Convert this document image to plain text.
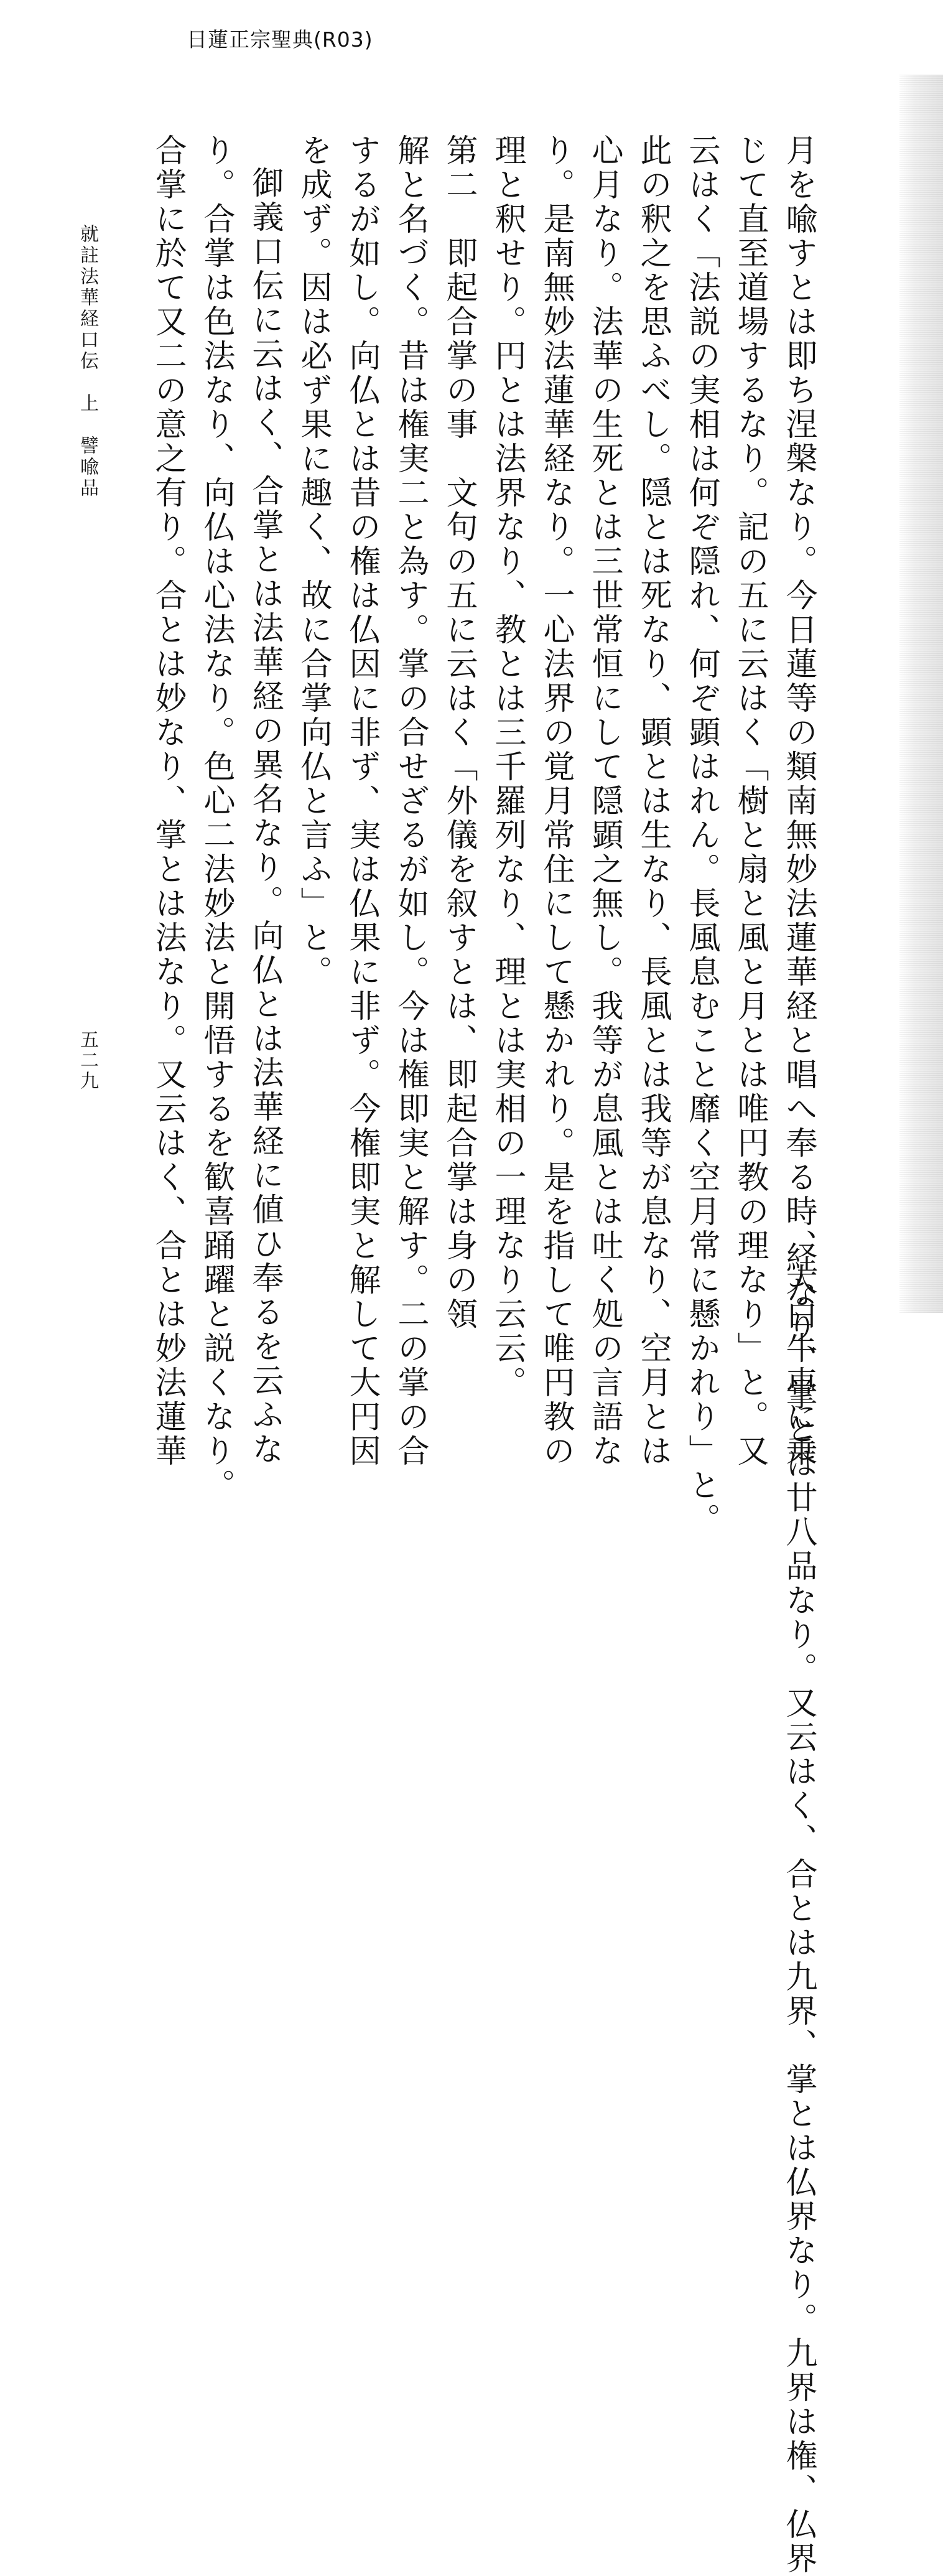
日蓮正宗聖典(R03)
月を喩すとは即ち涅槃なり。今日蓮等の類南無妙法蓮華経と唱へ奉る時、大白牛車に乗
じて直至道場するなり。記の五に云はく「樹と扇と風と月とは唯円教の理なり」と。又
云はく「法説の実相は何ぞ隠れ、何ぞ顕はれん。長風息むこと靡く空月常に懸かれり」と。
此の釈之を思ふべし。隠とは死なり、顕とは生なり、長風とは我等が息なり、空月とは
心月なり。法華の生死とは三世常恒にして隠顕之無し。我等が息風とは吐く処の言語な
り。是南無妙法蓮華経なり。一心法界の覚月常住にして懸かれり。是を指して唯円教の
理と釈せり。円とは法界なり、教とは三千羅列なり、理とは実相の一理なり云云。
第二　即起合掌の事　文句の五に云はく「外儀を叙すとは、即起合掌は身の領
解と名づく。昔は権実二と為す。掌の合せざるが如し。今は権即実と解す。二の掌の合
するが如し。向仏とは昔の権は仏因に非ず、実は仏果に非ず。今権即実と解して大円因
を成ず。因は必ず果に趣く、故に合掌向仏と言ふ」と。
御義口伝に云はく、合掌とは法華経の異名なり。向仏とは法華経に値ひ奉るを云ふな
り。合掌は色法なり、向仏は心法なり。色心二法妙法と開悟するを歓喜踊躍と説くなり。
合掌に於て又二の意之有り。合とは妙なり、掌とは法なり。又云はく、合とは妙法蓮華
経なり、掌とは廿八品なり。又云はく、合とは九界、掌とは仏界なり。九界は権、仏界
就註法華経口伝　上　譬喩品
五二九
